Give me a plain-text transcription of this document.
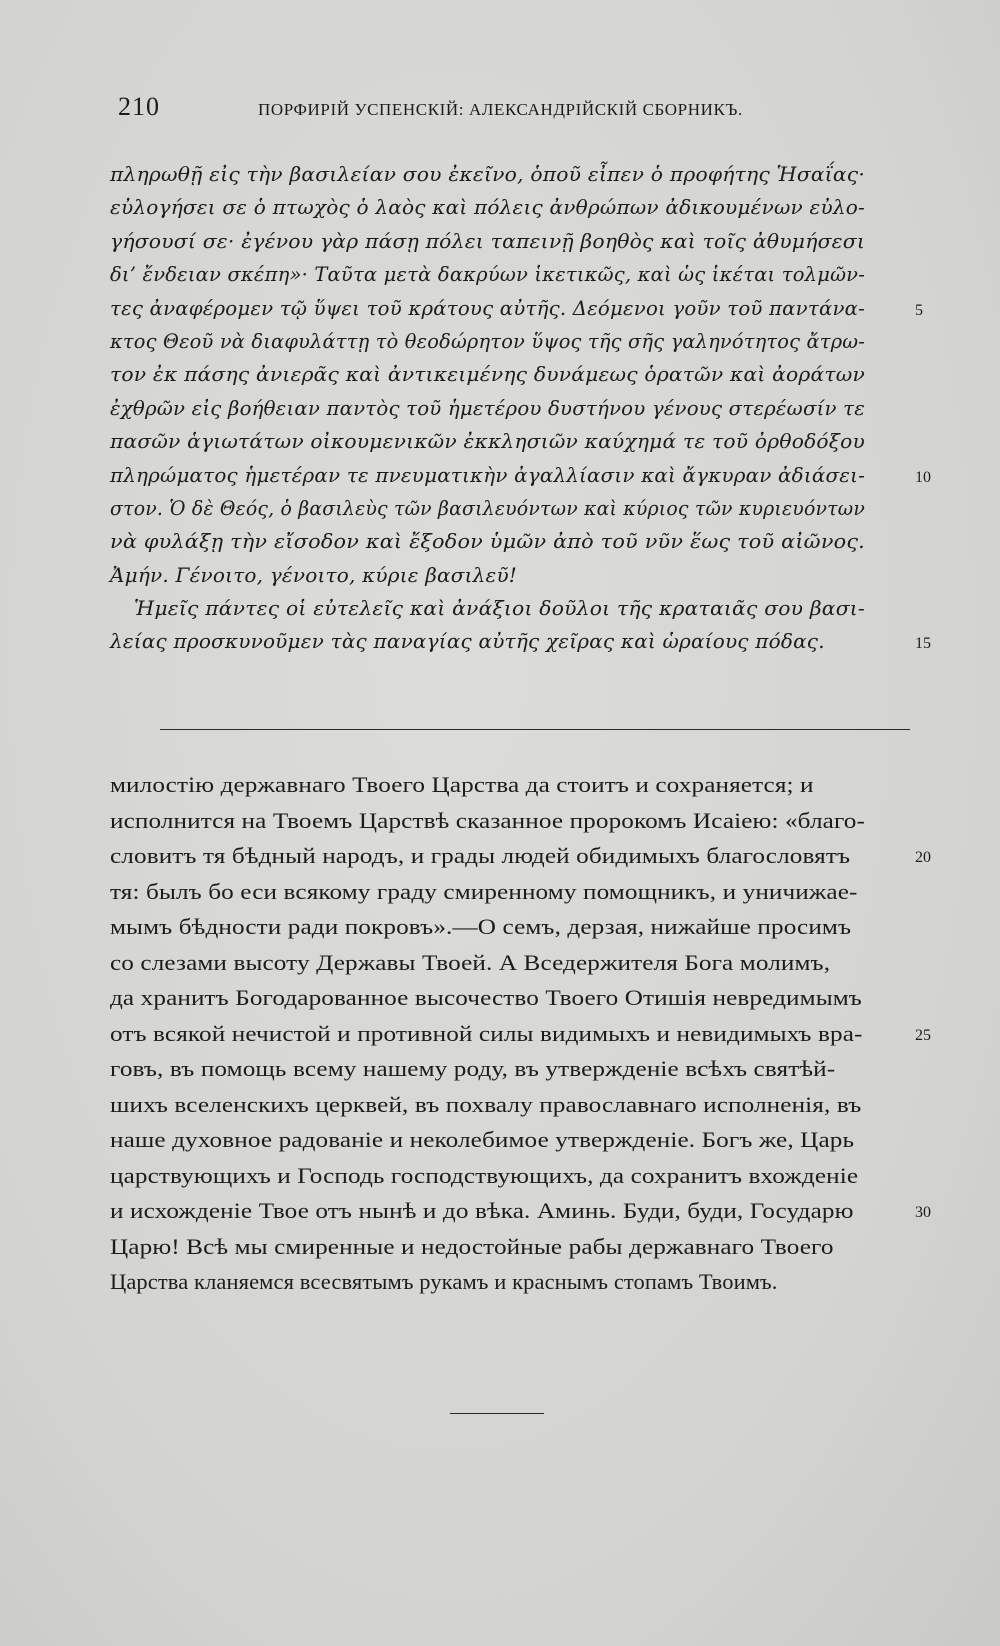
210	ПОРФИРІЙ УСПЕНСКІЙ: АЛЕКСАНДРІЙСКІЙ СБОРНИКЪ.
πληρωθῇ εἰς τὴν βασιλείαν σου ἐκεῖνο, ὁποῦ εἶπεν ὁ προφήτης Ἡσαΐας·
εὐλογήσει σε ὁ πτωχὸς ὁ λαὸς καὶ πόλεις ἀνθρώπων ἀδικουμένων εὐλο-
γήσουσί σε· ἐγένου γὰρ πάσῃ πόλει ταπεινῇ βοηθὸς καὶ τοῖς ἀθυμήσεσι
δι’ ἔνδειαν σκέπη»· Ταῦτα μετὰ δακρύων ἱκετικῶς, καὶ ὡς ἱκέται τολμῶν-
τες ἀναφέρομεν τῷ ὕψει τοῦ κράτους αὐτῆς. Δεόμενοι γοῦν τοῦ παντάνα-	5
κτος Θεοῦ νὰ διαφυλάττῃ τὸ θεοδώρητον ὕψος τῆς σῆς γαληνότητος ἄτρω-
τον ἐκ πάσης ἀνιερᾶς καὶ ἀντικειμένης δυνάμεως ὁρατῶν καὶ ἀοράτων
ἐχθρῶν εἰς βοήθειαν παντὸς τοῦ ἡμετέρου δυστήνου γένους στερέωσίν τε
πασῶν ἁγιωτάτων οἰκουμενικῶν ἐκκλησιῶν καύχημά τε τοῦ ὀρθοδόξου
πληρώματος ἡμετέραν τε πνευματικὴν ἀγαλλίασιν καὶ ἄγκυραν ἀδιάσει-	10
στον. Ὁ δὲ Θεός, ὁ βασιλεὺς τῶν βασιλευόντων καὶ κύριος τῶν κυριευόντων
νὰ φυλάξῃ τὴν εἴσοδον καὶ ἔξοδον ὑμῶν ἀπὸ τοῦ νῦν ἕως τοῦ αἰῶνος.
Ἀμήν. Γένοιτο, γένοιτο, κύριε βασιλεῦ!
Ἡμεῖς πάντες οἱ εὐτελεῖς καὶ ἀνάξιοι δοῦλοι τῆς κραταιᾶς σου βασι-
λείας προσκυνοῦμεν τὰς παναγίας αὐτῆς χεῖρας καὶ ὡραίους πόδας.	15
милостію державнаго Твоего Царства да стоитъ и сохраняется; и
исполнится на Твоемъ Царствѣ сказанное пророкомъ Исаіею: «благо-
словитъ тя бѣдный народъ, и грады людей обидимыхъ благословятъ	20
тя: былъ бо еси всякому граду смиренному помощникъ, и уничижае-
мымъ бѣдности ради покровъ».—О семъ, дерзая, нижайше просимъ
со слезами высоту Державы Твоей. А Вседержителя Бога молимъ,
да хранитъ Богодарованное высочество Твоего Отишія невредимымъ
отъ всякой нечистой и противной силы видимыхъ и невидимыхъ вра-	25
говъ, въ помощь всему нашему роду, въ утвержденіе всѣхъ святѣй-
шихъ вселенскихъ церквей, въ похвалу православнаго исполненія, въ
наше духовное радованіе и неколебимое утвержденіе. Богъ же, Царь
царствующихъ и Господь господствующихъ, да сохранитъ вхожденіе
и исхожденіе Твое отъ нынѣ и до вѣка. Аминь. Буди, буди, Государю	30
Царю! Всѣ мы смиренные и недостойные рабы державнаго Твоего
Царства кланяемся всесвятымъ рукамъ и краснымъ стопамъ Твоимъ.
